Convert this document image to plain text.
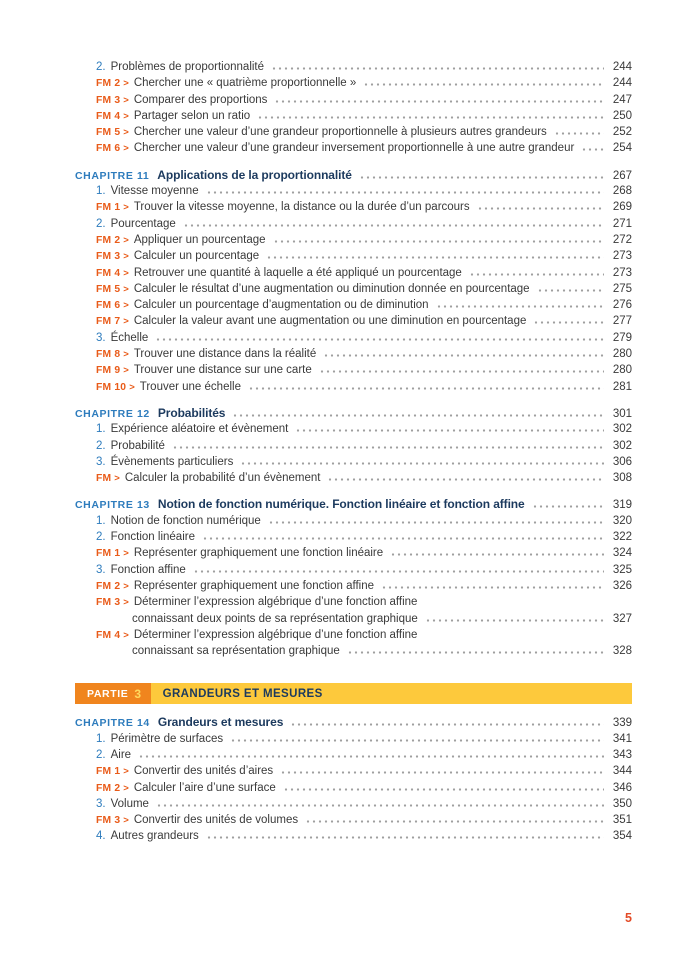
2. Problèmes de proportionnalité	244
FM 2 > Chercher une « quatrième proportionnelle »	244
FM 3 > Comparer des proportions	247
FM 4 > Partager selon un ratio	250
FM 5 > Chercher une valeur d’une grandeur proportionnelle à plusieurs autres grandeurs	252
FM 6 > Chercher une valeur d’une grandeur inversement proportionnelle à une autre grandeur	254
CHAPITRE 11 Applications de la proportionnalité	267
1. Vitesse moyenne	268
FM 1 > Trouver la vitesse moyenne, la distance ou la durée d’un parcours	269
2. Pourcentage	271
FM 2 > Appliquer un pourcentage	272
FM 3 > Calculer un pourcentage	273
FM 4 > Retrouver une quantité à laquelle a été appliqué un pourcentage	273
FM 5 > Calculer le résultat d’une augmentation ou diminution donnée en pourcentage	275
FM 6 > Calculer un pourcentage d’augmentation ou de diminution	276
FM 7 > Calculer la valeur avant une augmentation ou une diminution en pourcentage	277
3. Échelle	279
FM 8 > Trouver une distance dans la réalité	280
FM 9 > Trouver une distance sur une carte	280
FM 10 > Trouver une échelle	281
CHAPITRE 12 Probabilités	301
1. Expérience aléatoire et évènement	302
2. Probabilité	302
3. Évènements particuliers	306
FM > Calculer la probabilité d’un évènement	308
CHAPITRE 13 Notion de fonction numérique. Fonction linéaire et fonction affine	319
1. Notion de fonction numérique	320
2. Fonction linéaire	322
FM 1 > Représenter graphiquement une fonction linéaire	324
3. Fonction affine	325
FM 2 > Représenter graphiquement une fonction affine	326
FM 3 > Déterminer l’expression algébrique d’une fonction affine
connaissant deux points de sa représentation graphique	327
FM 4 > Déterminer l’expression algébrique d’une fonction affine
connaissant sa représentation graphique	328
PARTIE 3	GRANDEURS ET MESURES
CHAPITRE 14 Grandeurs et mesures	339
1. Périmètre de surfaces	341
2. Aire	343
FM 1 > Convertir des unités d’aires	344
FM 2 > Calculer l’aire d’une surface	346
3. Volume	350
FM 3 > Convertir des unités de volumes	351
4. Autres grandeurs	354
5
